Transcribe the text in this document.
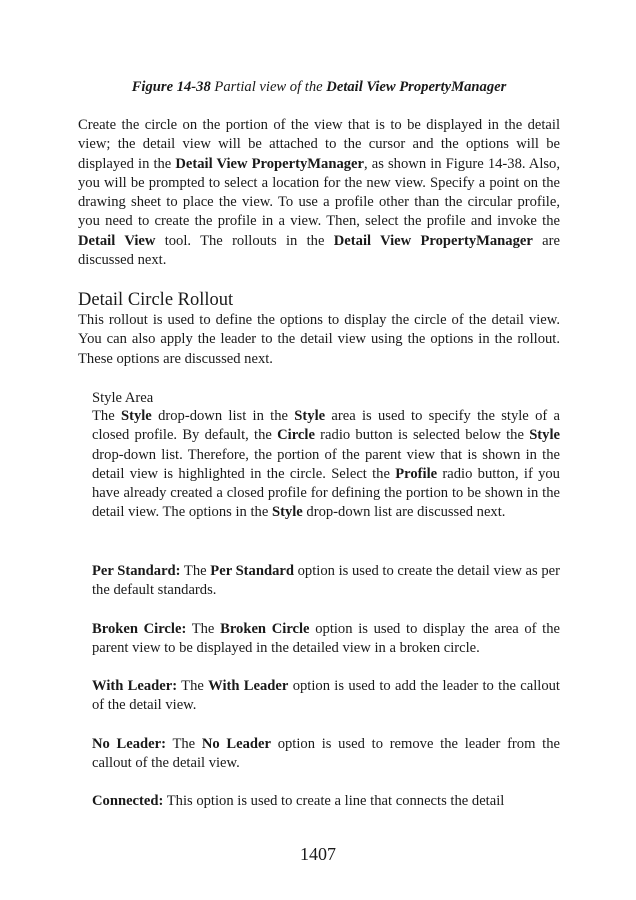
Figure 14-38 Partial view of the Detail View PropertyManager

Create the circle on the portion of the view that is to be displayed in the detail view; the detail view will be attached to the cursor and the options will be displayed in the Detail View PropertyManager, as shown in Figure 14-38. Also, you will be prompted to select a location for the new view. Specify a point on the drawing sheet to place the view. To use a profile other than the circular profile, you need to create the profile in a view. Then, select the profile and invoke the Detail View tool. The rollouts in the Detail View PropertyManager are discussed next.

Detail Circle Rollout

This rollout is used to define the options to display the circle of the detail view. You can also apply the leader to the detail view using the options in the rollout. These options are discussed next.

Style Area

The Style drop-down list in the Style area is used to specify the style of a closed profile. By default, the Circle radio button is selected below the Style drop-down list. Therefore, the portion of the parent view that is shown in the detail view is highlighted in the circle. Select the Profile radio button, if you have already created a closed profile for defining the portion to be shown in the detail view. The options in the Style drop-down list are discussed next.

Per Standard: The Per Standard option is used to create the detail view as per the default standards.

Broken Circle: The Broken Circle option is used to display the area of the parent view to be displayed in the detailed view in a broken circle.

With Leader: The With Leader option is used to add the leader to the callout of the detail view.

No Leader: The No Leader option is used to remove the leader from the callout of the detail view.

Connected: This option is used to create a line that connects the detail

1407
